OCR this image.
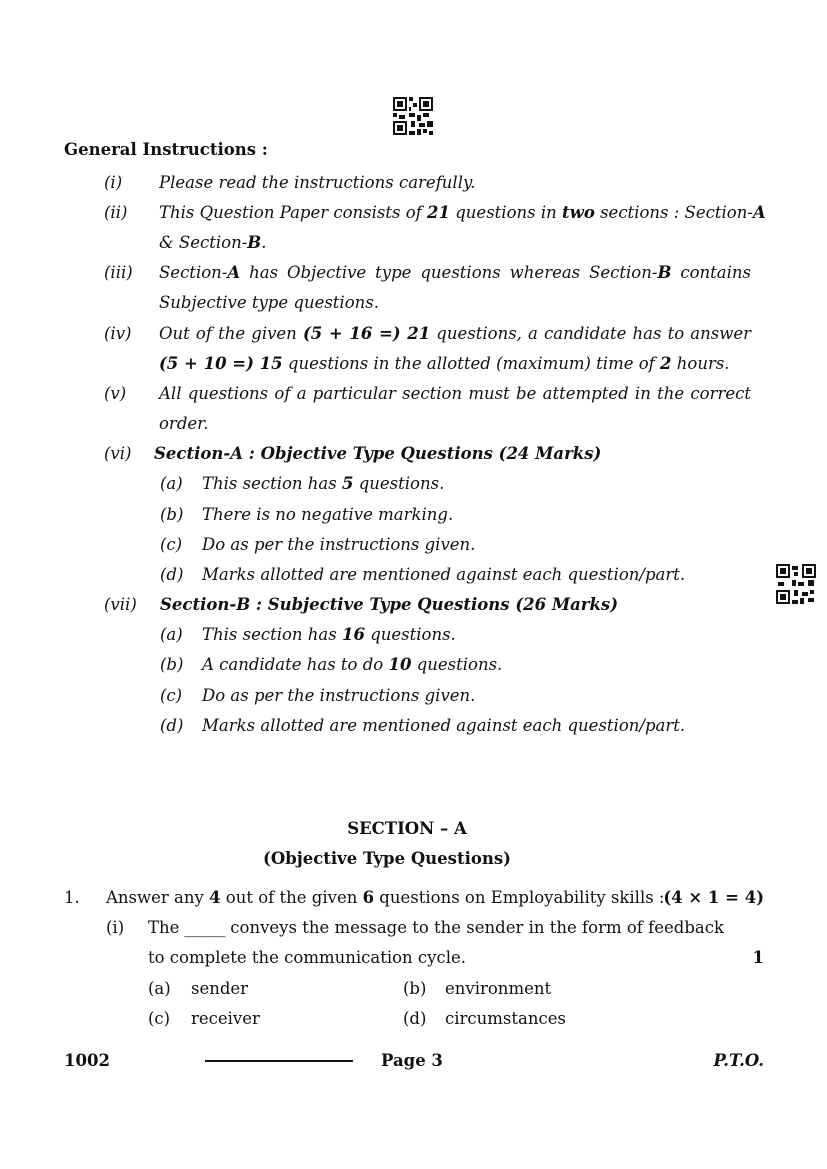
General Instructions :
(i) Please read the instructions carefully.
(ii) This Question Paper consists of 21 questions in two sections : Section-A
& Section-B.
(iii) Section-A has Objective type questions whereas Section-B contains
Subjective type questions.
(iv) Out of the given (5 + 16 =) 21 questions, a candidate has to answer
(5 + 10 =) 15 questions in the allotted (maximum) time of 2 hours.
(v) All questions of a particular section must be attempted in the correct
order.
(vi) Section-A : Objective Type Questions (24 Marks)
(a) This section has 5 questions.
(b) There is no negative marking.
(c) Do as per the instructions given.
(d) Marks allotted are mentioned against each question/part.
(vii) Section-B : Subjective Type Questions (26 Marks)
(a) This section has 16 questions.
(b) A candidate has to do 10 questions.
(c) Do as per the instructions given.
(d) Marks allotted are mentioned against each question/part.
SECTION – A
(Objective Type Questions)
1. Answer any 4 out of the given 6 questions on Employability skills :
(4 × 1 = 4)
(i) The _____ conveys the message to the sender in the form of feedback
to complete the communication cycle.	1
(a) sender	(b) environment
(c) receiver	(d) circumstances
1002	Page 3	P.T.O.
